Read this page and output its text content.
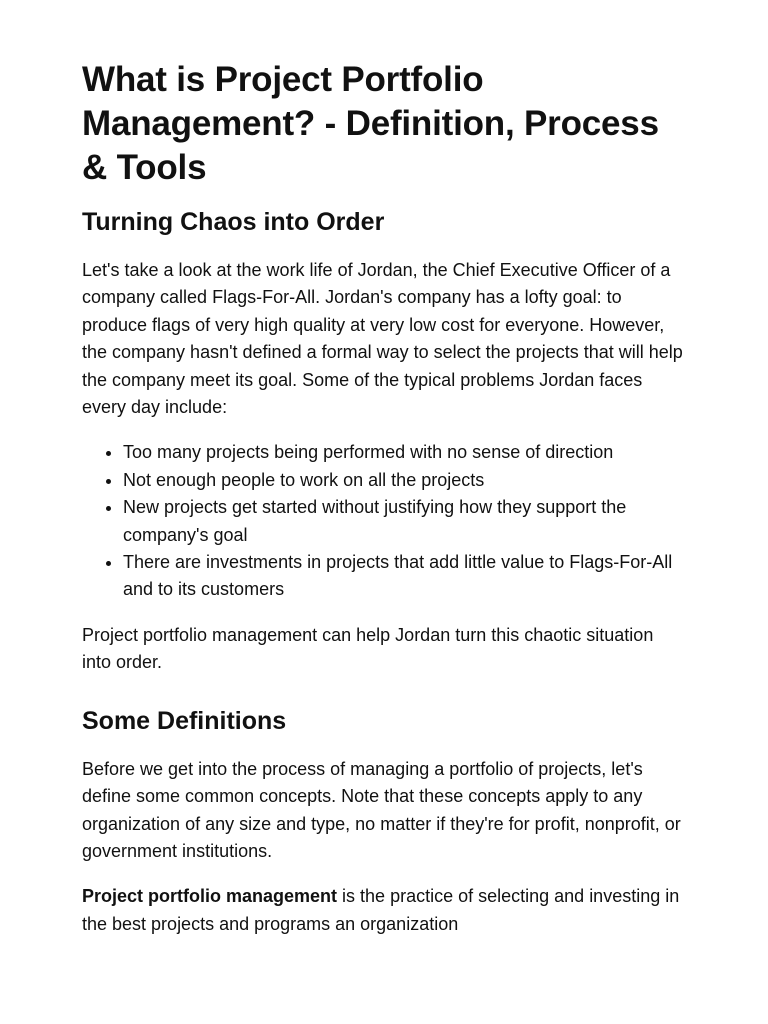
What is Project Portfolio Management? - Definition, Process & Tools
Turning Chaos into Order

Let's take a look at the work life of Jordan, the Chief Executive Officer of a company called Flags-For-All. Jordan's company has a lofty goal: to produce flags of very high quality at very low cost for everyone. However, the company hasn't defined a formal way to select the projects that will help the company meet its goal. Some of the typical problems Jordan faces every day include:

• Too many projects being performed with no sense of direction
• Not enough people to work on all the projects
• New projects get started without justifying how they support the company's goal
• There are investments in projects that add little value to Flags-For-All and to its customers

Project portfolio management can help Jordan turn this chaotic situation into order.

Some Definitions

Before we get into the process of managing a portfolio of projects, let's define some common concepts. Note that these concepts apply to any organization of any size and type, no matter if they're for profit, nonprofit, or government institutions.

Project portfolio management is the practice of selecting and investing in the best projects and programs an organization
